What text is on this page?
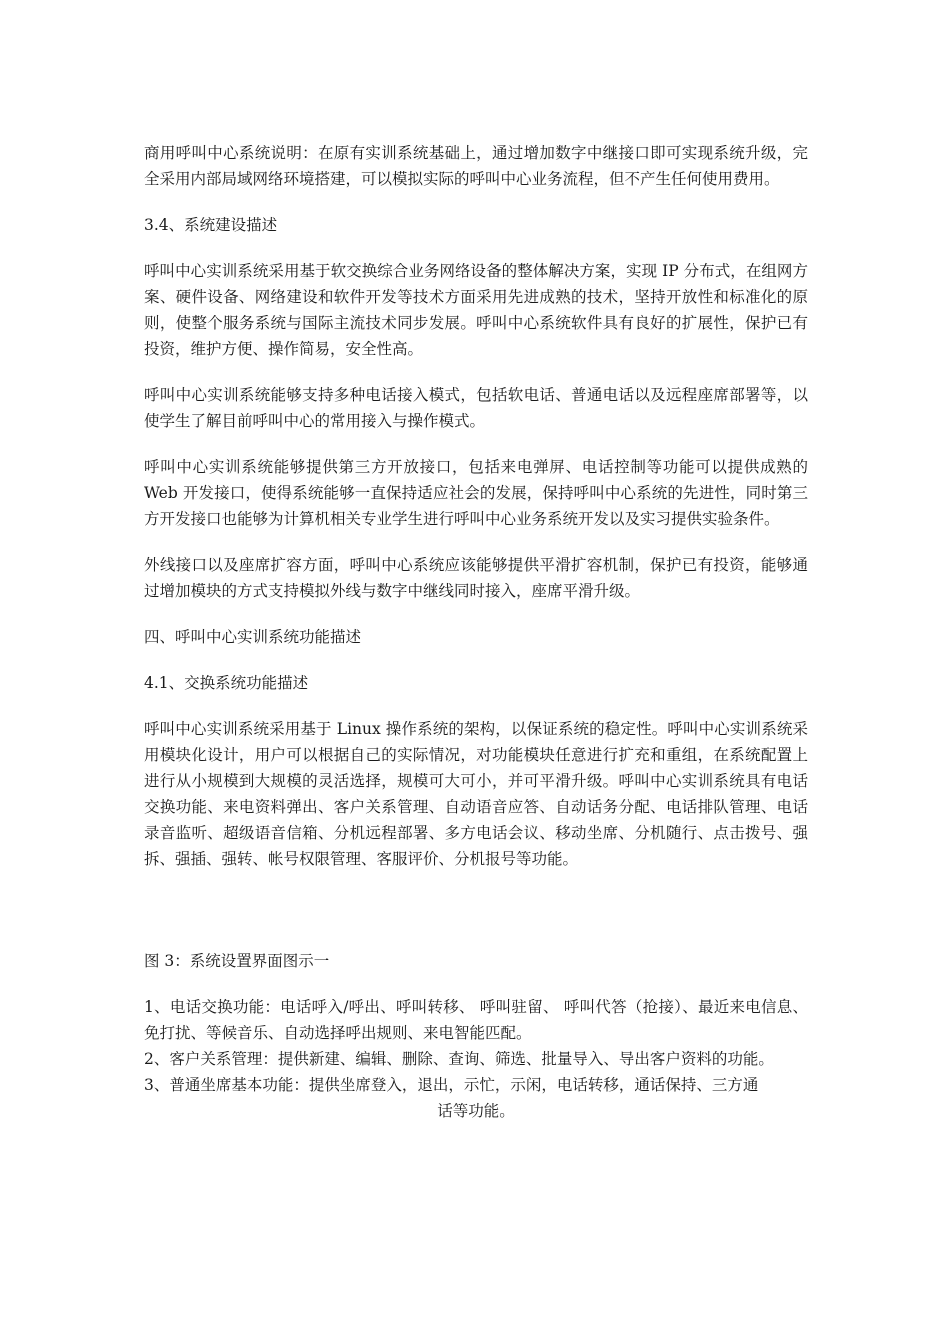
商用呼叫中心系统说明：在原有实训系统基础上，通过增加数字中继接口即可实现系统升级，完全采用内部局域网络环境搭建，可以模拟实际的呼叫中心业务流程，但不产生任何使用费用。

3.4、系统建设描述

呼叫中心实训系统采用基于软交换综合业务网络设备的整体解决方案，实现 IP 分布式，在组网方案、硬件设备、网络建设和软件开发等技术方面采用先进成熟的技术，坚持开放性和标准化的原则，使整个服务系统与国际主流技术同步发展。呼叫中心系统软件具有良好的扩展性，保护已有投资，维护方便、操作简易，安全性高。

呼叫中心实训系统能够支持多种电话接入模式，包括软电话、普通电话以及远程座席部署等，以使学生了解目前呼叫中心的常用接入与操作模式。

呼叫中心实训系统能够提供第三方开放接口，包括来电弹屏、电话控制等功能可以提供成熟的 Web 开发接口，使得系统能够一直保持适应社会的发展，保持呼叫中心系统的先进性，同时第三方开发接口也能够为计算机相关专业学生进行呼叫中心业务系统开发以及实习提供实验条件。

外线接口以及座席扩容方面，呼叫中心系统应该能够提供平滑扩容机制，保护已有投资，能够通过增加模块的方式支持模拟外线与数字中继线同时接入，座席平滑升级。

四、呼叫中心实训系统功能描述

4.1、交换系统功能描述

呼叫中心实训系统采用基于 Linux 操作系统的架构，以保证系统的稳定性。呼叫中心实训系统采用模块化设计，用户可以根据自己的实际情况，对功能模块任意进行扩充和重组，在系统配置上进行从小规模到大规模的灵活选择，规模可大可小，并可平滑升级。呼叫中心实训系统具有电话交换功能、来电资料弹出、客户关系管理、自动语音应答、自动话务分配、电话排队管理、电话录音监听、超级语音信箱、分机远程部署、多方电话会议、移动坐席、分机随行、点击拨号、强拆、强插、强转、帐号权限管理、客服评价、分机报号等功能。

图 3：系统设置界面图示一

1、电话交换功能：电话呼入/呼出、呼叫转移、 呼叫驻留、 呼叫代答（抢接）、最近来电信息、免打扰、等候音乐、自动选择呼出规则、来电智能匹配。

2、客户关系管理：提供新建、编辑、删除、查询、筛选、批量导入、导出客户资料的功能。

3、普通坐席基本功能：提供坐席登入，退出，示忙，示闲，电话转移，通话保持、三方通
话等功能。
